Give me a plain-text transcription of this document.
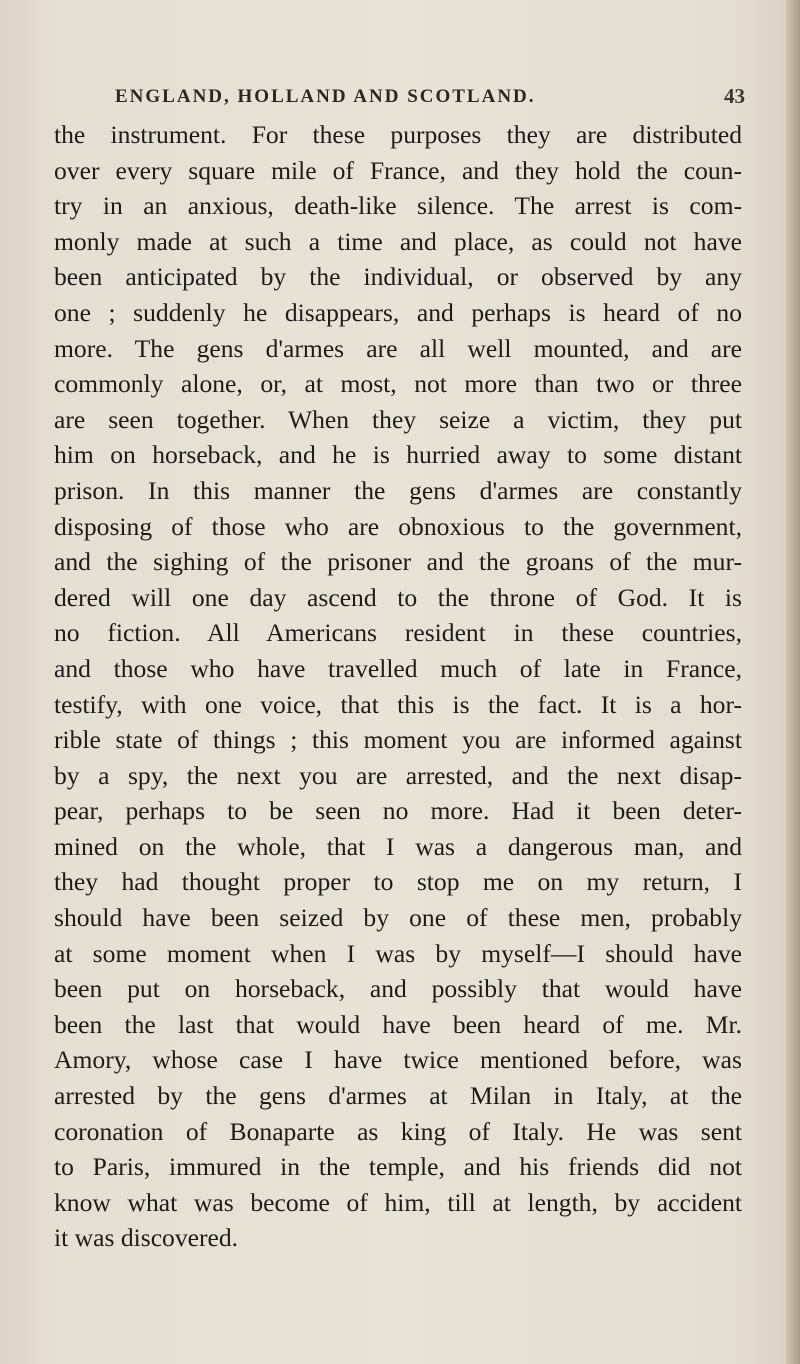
ENGLAND, HOLLAND AND SCOTLAND.	43
the instrument. For these purposes they are distributed
over every square mile of France, and they hold the coun-
try in an anxious, death-like silence. The arrest is com-
monly made at such a time and place, as could not have
been anticipated by the individual, or observed by any
one ; suddenly he disappears, and perhaps is heard of no
more. The gens d'armes are all well mounted, and are
commonly alone, or, at most, not more than two or three
are seen together. When they seize a victim, they put
him on horseback, and he is hurried away to some distant
prison. In this manner the gens d'armes are constantly
disposing of those who are obnoxious to the government,
and the sighing of the prisoner and the groans of the mur-
dered will one day ascend to the throne of God. It is
no fiction. All Americans resident in these countries,
and those who have travelled much of late in France,
testify, with one voice, that this is the fact. It is a hor-
rible state of things ; this moment you are informed against
by a spy, the next you are arrested, and the next disap-
pear, perhaps to be seen no more. Had it been deter-
mined on the whole, that I was a dangerous man, and
they had thought proper to stop me on my return, I
should have been seized by one of these men, probably
at some moment when I was by myself—I should have
been put on horseback, and possibly that would have
been the last that would have been heard of me. Mr.
Amory, whose case I have twice mentioned before, was
arrested by the gens d'armes at Milan in Italy, at the
coronation of Bonaparte as king of Italy. He was sent
to Paris, immured in the temple, and his friends did not
know what was become of him, till at length, by accident
it was discovered.
